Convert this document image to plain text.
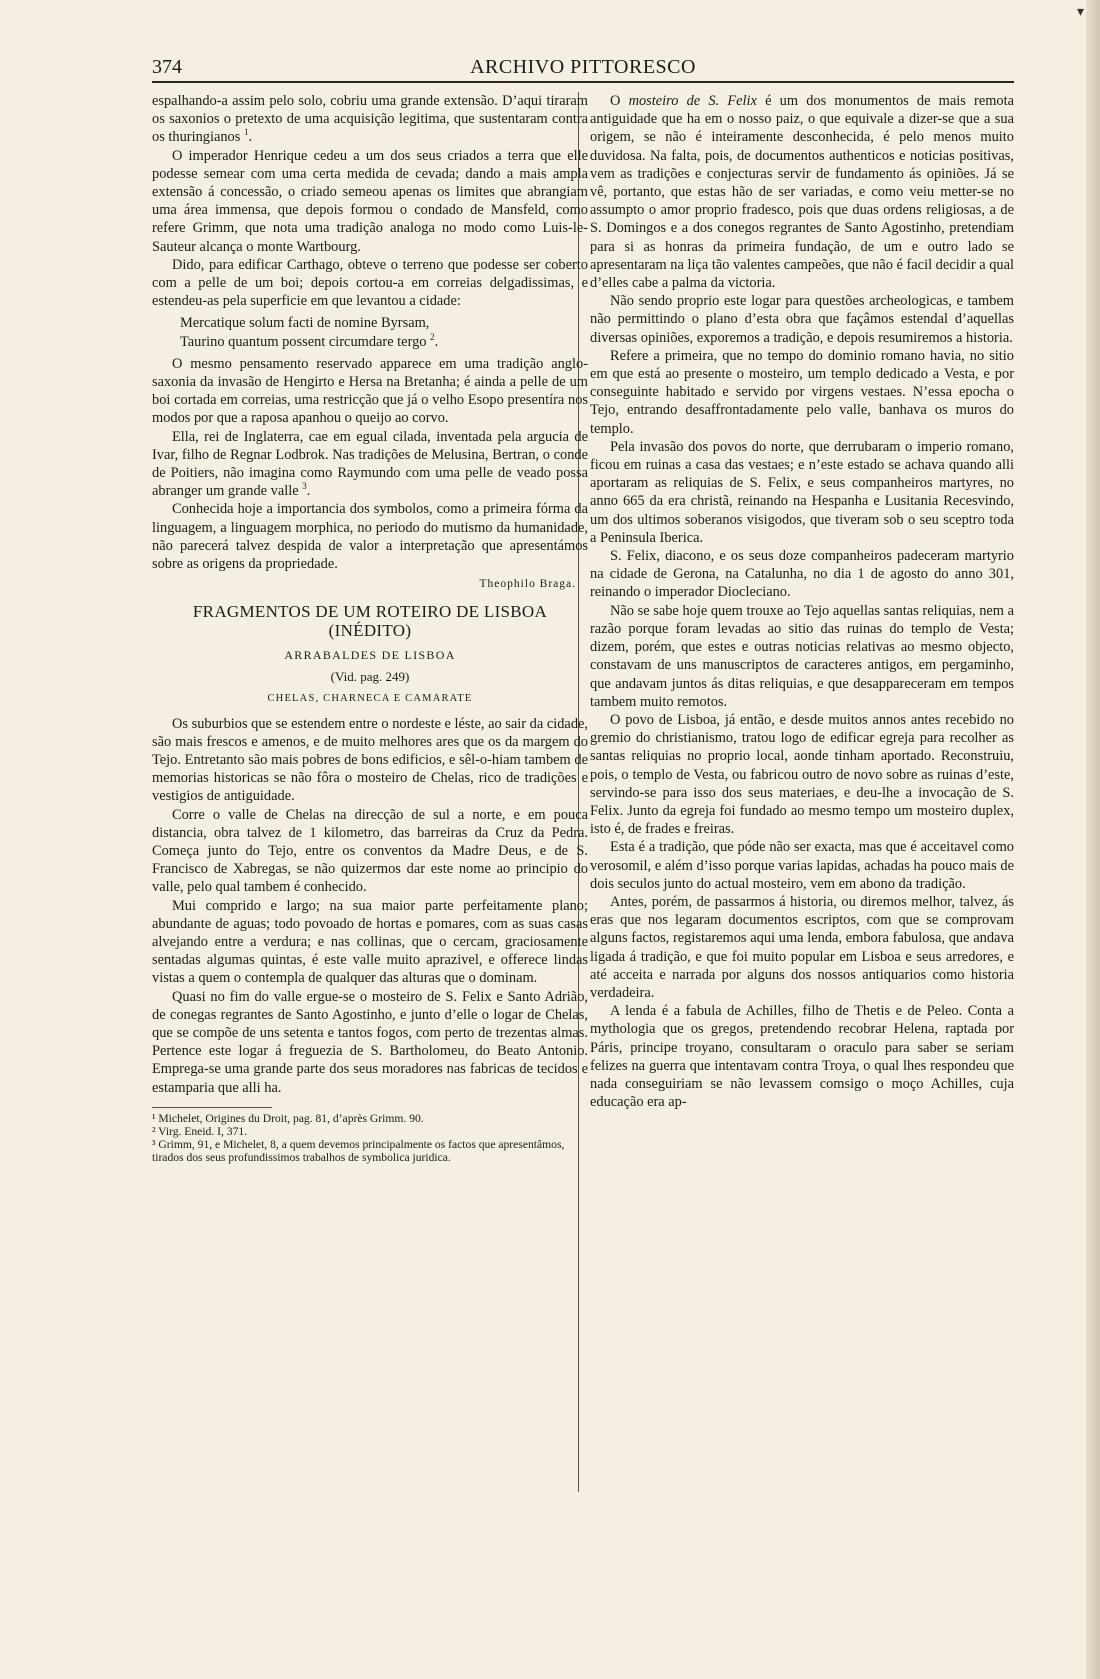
374	ARCHIVO PITTORESCO

espalhando-a assim pelo solo, cobriu uma grande extensão. D’aqui tiraram os saxonios o pretexto de uma acquisição legitima, que sustentaram contra os thuringianos $^1$.

O imperador Henrique cedeu a um dos seus criados a terra que elle podesse semear com uma certa medida de cevada; dando a mais ampla extensão á concessão, o criado semeou apenas os limites que abrangiam uma área immensa, que depois formou o condado de Mansfeld, como refere Grimm, que nota uma tradição analoga no modo como Luis-le-Sauteur alcança o monte Wartbourg.

Dido, para edificar Carthago, obteve o terreno que podesse ser coberto com a pelle de um boi; depois cortou-a em correias delgadissimas, e estendeu-as pela superficie em que levantou a cidade:

Mercatique solum facti de nomine Byrsam,
Taurino quantum possent circumdare tergo $^2$.

O mesmo pensamento reservado apparece em uma tradição anglo-saxonia da invasão de Hengirto e Hersa na Bretanha; é ainda a pelle de um boi cortada em correias, uma restricção que já o velho Esopo presentíra nos modos por que a raposa apanhou o queijo ao corvo.

Ella, rei de Inglaterra, cae em egual cilada, inventada pela argucia de Ivar, filho de Regnar Lodbrok. Nas tradições de Melusina, Bertran, o conde de Poitiers, não imagina como Raymundo com uma pelle de veado possa abranger um grande valle $^3$.

Conhecida hoje a importancia dos symbolos, como a primeira fórma da linguagem, a linguagem morphica, no periodo do mutismo da humanidade, não parecerá talvez despida de valor a interpretação que apresentámos sobre as origens da propriedade.

Theophilo Braga.
FRAGMENTOS DE UM ROTEIRO DE LISBOA (INÉDITO)
ARRABALDES DE LISBOA
(Vid. pag. 249)
CHELAS, CHARNECA E CAMARATE

Os suburbios que se estendem entre o nordeste e léste, ao sair da cidade, são mais frescos e amenos, e de muito melhores ares que os da margem do Tejo. Entretanto são mais pobres de bons edificios, e sêl-o-hiam tambem de memorias historicas se não fôra o mosteiro de Chelas, rico de tradições e vestigios de antiguidade.

Corre o valle de Chelas na direcção de sul a norte, e em pouca distancia, obra talvez de 1 kilometro, das barreiras da Cruz da Pedra. Começa junto do Tejo, entre os conventos da Madre Deus, e de S. Francisco de Xabregas, se não quizermos dar este nome ao principio do valle, pelo qual tambem é conhecido.

Mui comprido e largo; na sua maior parte perfeitamente plano; abundante de aguas; todo povoado de hortas e pomares, com as suas casas alvejando entre a verdura; e nas collinas, que o cercam, graciosamente sentadas algumas quintas, é este valle muito aprazivel, e offerece lindas vistas a quem o contempla de qualquer das alturas que o dominam.

Quasi no fim do valle ergue-se o mosteiro de S. Felix e Santo Adrião, de conegas regrantes de Santo Agostinho, e junto d’elle o logar de Chelas, que se compõe de uns setenta e tantos fogos, com perto de trezentas almas. Pertence este logar á freguezia de S. Bartholomeu, do Beato Antonio. Emprega-se uma grande parte dos seus moradores nas fabricas de tecidos e estamparia que alli ha.

¹ Michelet, Origines du Droit, pag. 81, d’après Grimm. 90.
² Virg. Eneid. I, 371.
³ Grimm, 91, e Michelet, 8, a quem devemos principalmente os factos que apresentâmos, tirados dos seus profundissimos trabalhos de symbolica juridica.

O mosteiro de S. Felix é um dos monumentos de mais remota antiguidade que ha em o nosso paiz, o que equivale a dizer-se que a sua origem, se não é inteiramente desconhecida, é pelo menos muito duvidosa. Na falta, pois, de documentos authenticos e noticias positivas, vem as tradições e conjecturas servir de fundamento ás opiniões. Já se vê, portanto, que estas hão de ser variadas, e como veiu metter-se no assumpto o amor proprio fradesco, pois que duas ordens religiosas, a de S. Domingos e a dos conegos regrantes de Santo Agostinho, pretendiam para si as honras da primeira fundação, de um e outro lado se apresentaram na liça tão valentes campeões, que não é facil decidir a qual d’elles cabe a palma da victoria.

Não sendo proprio este logar para questões archeologicas, e tambem não permittindo o plano d’esta obra que façâmos estendal d’aquellas diversas opiniões, exporemos a tradição, e depois resumiremos a historia.

Refere a primeira, que no tempo do dominio romano havia, no sitio em que está ao presente o mosteiro, um templo dedicado a Vesta, e por conseguinte habitado e servido por virgens vestaes. N’essa epocha o Tejo, entrando desaffrontadamente pelo valle, banhava os muros do templo.

Pela invasão dos povos do norte, que derrubaram o imperio romano, ficou em ruinas a casa das vestaes; e n’este estado se achava quando alli aportaram as reliquias de S. Felix, e seus companheiros martyres, no anno 665 da era christã, reinando na Hespanha e Lusitania Recesvindo, um dos ultimos soberanos visigodos, que tiveram sob o seu sceptro toda a Peninsula Iberica.

S. Felix, diacono, e os seus doze companheiros padeceram martyrio na cidade de Gerona, na Catalunha, no dia 1 de agosto do anno 301, reinando o imperador Diocleciano.

Não se sabe hoje quem trouxe ao Tejo aquellas santas reliquias, nem a razão porque foram levadas ao sitio das ruinas do templo de Vesta; dizem, porém, que estes e outras noticias relativas ao mesmo objecto, constavam de uns manuscriptos de caracteres antigos, em pergaminho, que andavam juntos ás ditas reliquias, e que desappareceram em tempos tambem muito remotos.

O povo de Lisboa, já então, e desde muitos annos antes recebido no gremio do christianismo, tratou logo de edificar egreja para recolher as santas reliquias no proprio local, aonde tinham aportado. Reconstruiu, pois, o templo de Vesta, ou fabricou outro de novo sobre as ruinas d’este, servindo-se para isso dos seus materiaes, e deu-lhe a invocação de S. Felix. Junto da egreja foi fundado ao mesmo tempo um mosteiro duplex, isto é, de frades e freiras.

Esta é a tradição, que póde não ser exacta, mas que é acceitavel como verosomil, e além d’isso porque varias lapidas, achadas ha pouco mais de dois seculos junto do actual mosteiro, vem em abono da tradição.

Antes, porém, de passarmos á historia, ou diremos melhor, talvez, ás eras que nos legaram documentos escriptos, com que se comprovam alguns factos, registaremos aqui uma lenda, embora fabulosa, que andava ligada á tradição, e que foi muito popular em Lisboa e seus arredores, e até acceita e narrada por alguns dos nossos antiquarios como historia verdadeira.

A lenda é a fabula de Achilles, filho de Thetis e de Peleo. Conta a mythologia que os gregos, pretendendo recobrar Helena, raptada por Páris, principe troyano, consultaram o oraculo para saber se seriam felizes na guerra que intentavam contra Troya, o qual lhes respondeu que nada conseguiriam se não levassem comsigo o moço Achilles, cuja educação era ap-

▾
